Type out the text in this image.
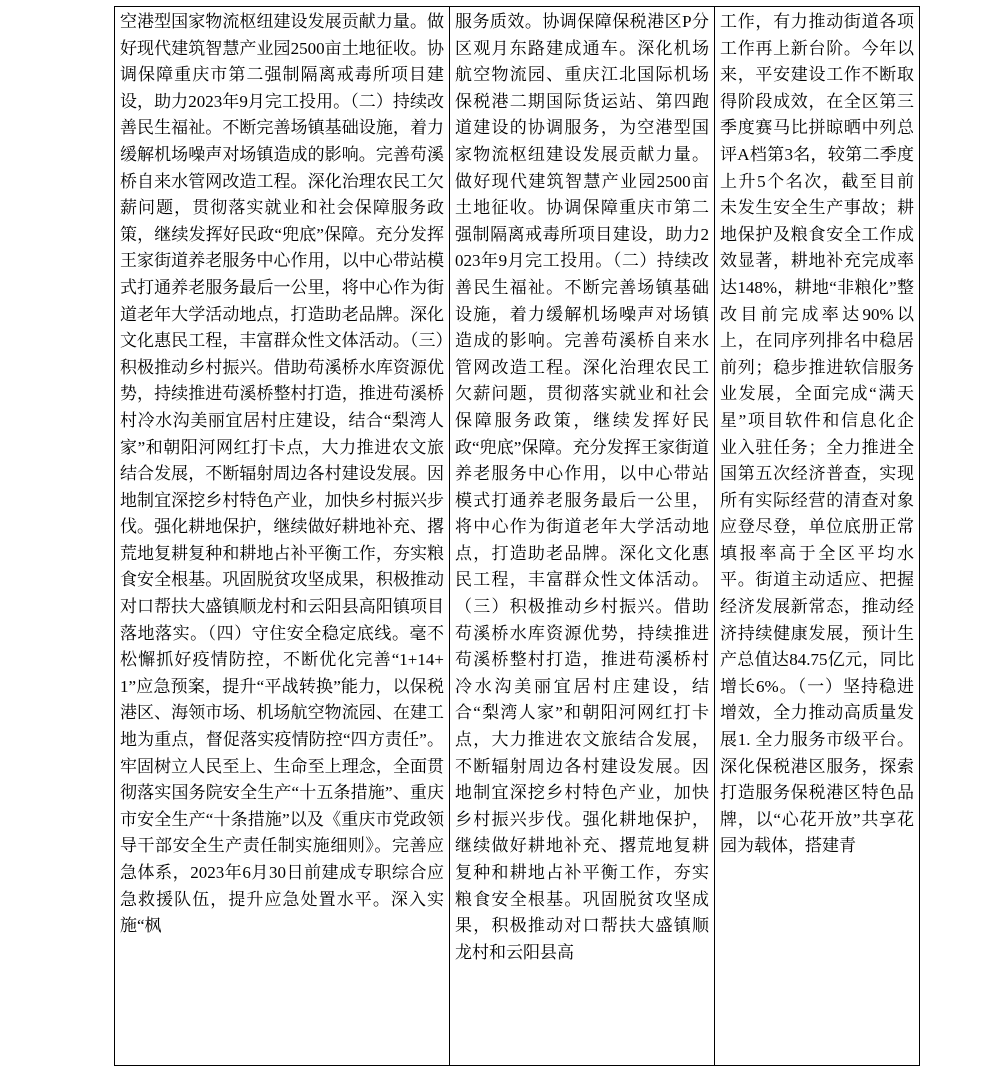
空港型国家物流枢纽建设发展贡献力量。做好现代建筑智慧产业园2500亩土地征收。协调保障重庆市第二强制隔离戒毒所项目建设，助力2023年9月完工投用。（二）持续改善民生福祉。不断完善场镇基础设施，着力缓解机场噪声对场镇造成的影响。完善苟溪桥自来水管网改造工程。深化治理农民工欠薪问题，贯彻落实就业和社会保障服务政策，继续发挥好民政“兜底”保障。充分发挥王家街道养老服务中心作用，以中心带站模式打通养老服务最后一公里，将中心作为街道老年大学活动地点，打造助老品牌。深化文化惠民工程，丰富群众性文体活动。（三）积极推动乡村振兴。借助苟溪桥水库资源优势，持续推进苟溪桥整村打造，推进苟溪桥村冷水沟美丽宜居村庄建设，结合“梨湾人家”和朝阳河网红打卡点，大力推进农文旅结合发展，不断辐射周边各村建设发展。因地制宜深挖乡村特色产业，加快乡村振兴步伐。强化耕地保护，继续做好耕地补充、撂荒地复耕复种和耕地占补平衡工作，夯实粮食安全根基。巩固脱贫攻坚成果，积极推动对口帮扶大盛镇顺龙村和云阳县高阳镇项目落地落实。（四）守住安全稳定底线。毫不松懈抓好疫情防控，不断优化完善“1+14+1”应急预案，提升“平战转换”能力，以保税港区、海领市场、机场航空物流园、在建工地为重点，督促落实疫情防控“四方责任”。牢固树立人民至上、生命至上理念，全面贯彻落实国务院安全生产“十五条措施”、重庆市安全生产“十条措施”以及《重庆市党政领导干部安全生产责任制实施细则》。完善应急体系，2023年6月30日前建成专职综合应急救援队伍，提升应急处置水平。深入实施“枫

服务质效。协调保障保税港区P分区观月东路建成通车。深化机场航空物流园、重庆江北国际机场保税港二期国际货运站、第四跑道建设的协调服务，为空港型国家物流枢纽建设发展贡献力量。做好现代建筑智慧产业园2500亩土地征收。协调保障重庆市第二强制隔离戒毒所项目建设，助力2023年9月完工投用。（二）持续改善民生福祉。不断完善场镇基础设施，着力缓解机场噪声对场镇造成的影响。完善苟溪桥自来水管网改造工程。深化治理农民工欠薪问题，贯彻落实就业和社会保障服务政策，继续发挥好民政“兜底”保障。充分发挥王家街道养老服务中心作用，以中心带站模式打通养老服务最后一公里，将中心作为街道老年大学活动地点，打造助老品牌。深化文化惠民工程，丰富群众性文体活动。（三）积极推动乡村振兴。借助苟溪桥水库资源优势，持续推进苟溪桥整村打造，推进苟溪桥村冷水沟美丽宜居村庄建设，结合“梨湾人家”和朝阳河网红打卡点，大力推进农文旅结合发展，不断辐射周边各村建设发展。因地制宜深挖乡村特色产业，加快乡村振兴步伐。强化耕地保护，继续做好耕地补充、撂荒地复耕复种和耕地占补平衡工作，夯实粮食安全根基。巩固脱贫攻坚成果，积极推动对口帮扶大盛镇顺龙村和云阳县高

工作，有力推动街道各项工作再上新台阶。今年以来，平安建设工作不断取得阶段成效，在全区第三季度赛马比拼晾晒中列总评A档第3名，较第二季度上升5个名次，截至目前未发生安全生产事故；耕地保护及粮食安全工作成效显著，耕地补充完成率达148%，耕地“非粮化”整改目前完成率达90%以上，在同序列排名中稳居前列；稳步推进软信服务业发展，全面完成“满天星”项目软件和信息化企业入驻任务；全力推进全国第五次经济普查，实现所有实际经营的清查对象应登尽登，单位底册正常填报率高于全区平均水平。街道主动适应、把握经济发展新常态，推动经济持续健康发展，预计生产总值达84.75亿元，同比增长6%。（一）坚持稳进增效，全力推动高质量发展1. 全力服务市级平台。深化保税港区服务，探索打造服务保税港区特色品牌，以“心花开放”共享花园为载体，搭建青
